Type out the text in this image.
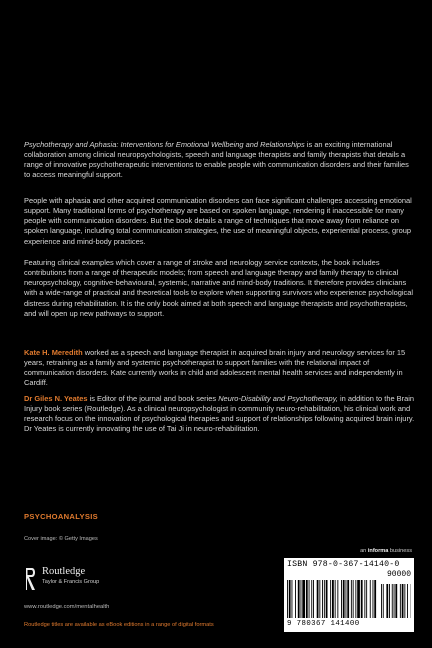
Psychotherapy and Aphasia: Interventions for Emotional Wellbeing and Relationships is an exciting international collaboration among clinical neuropsychologists, speech and language therapists and family therapists that details a range of innovative psychotherapeutic interventions to enable people with communication disorders and their families to access meaningful support.
People with aphasia and other acquired communication disorders can face significant challenges accessing emotional support. Many traditional forms of psychotherapy are based on spoken language, rendering it inaccessible for many people with communication disorders. But the book details a range of techniques that move away from reliance on spoken language, including total communication strategies, the use of meaningful objects, experiential process, group experience and mind-body practices.
Featuring clinical examples which cover a range of stroke and neurology service contexts, the book includes contributions from a range of therapeutic models; from speech and language therapy and family therapy to clinical neuropsychology, cognitive-behavioural, systemic, narrative and mind-body traditions. It therefore provides clinicians with a wide-range of practical and theoretical tools to explore when supporting survivors who experience psychological distress during rehabilitation. It is the only book aimed at both speech and language therapists and psychotherapists, and will open up new pathways to support.
Kate H. Meredith worked as a speech and language therapist in acquired brain injury and neurology services for 15 years, retraining as a family and systemic psychotherapist to support families with the relational impact of communication disorders. Kate currently works in child and adolescent mental health services and independently in Cardiff.
Dr Giles N. Yeates is Editor of the journal and book series Neuro-Disability and Psychotherapy, in addition to the Brain Injury book series (Routledge). As a clinical neuropsychologist in community neuro-rehabilitation, his clinical work and research focus on the innovation of psychological therapies and support of relationships following acquired brain injury. Dr Yeates is currently innovating the use of Tai Ji in neuro-rehabilitation.
PSYCHOANALYSIS
Cover image: © Getty Images
Routledge
Taylor & Francis Group
www.routledge.com/mentalhealth
Routledge titles are available as eBook editions in a range of digital formats
an informa business
ISBN 978-0-367-14140-0
90000
9 780367 141400
